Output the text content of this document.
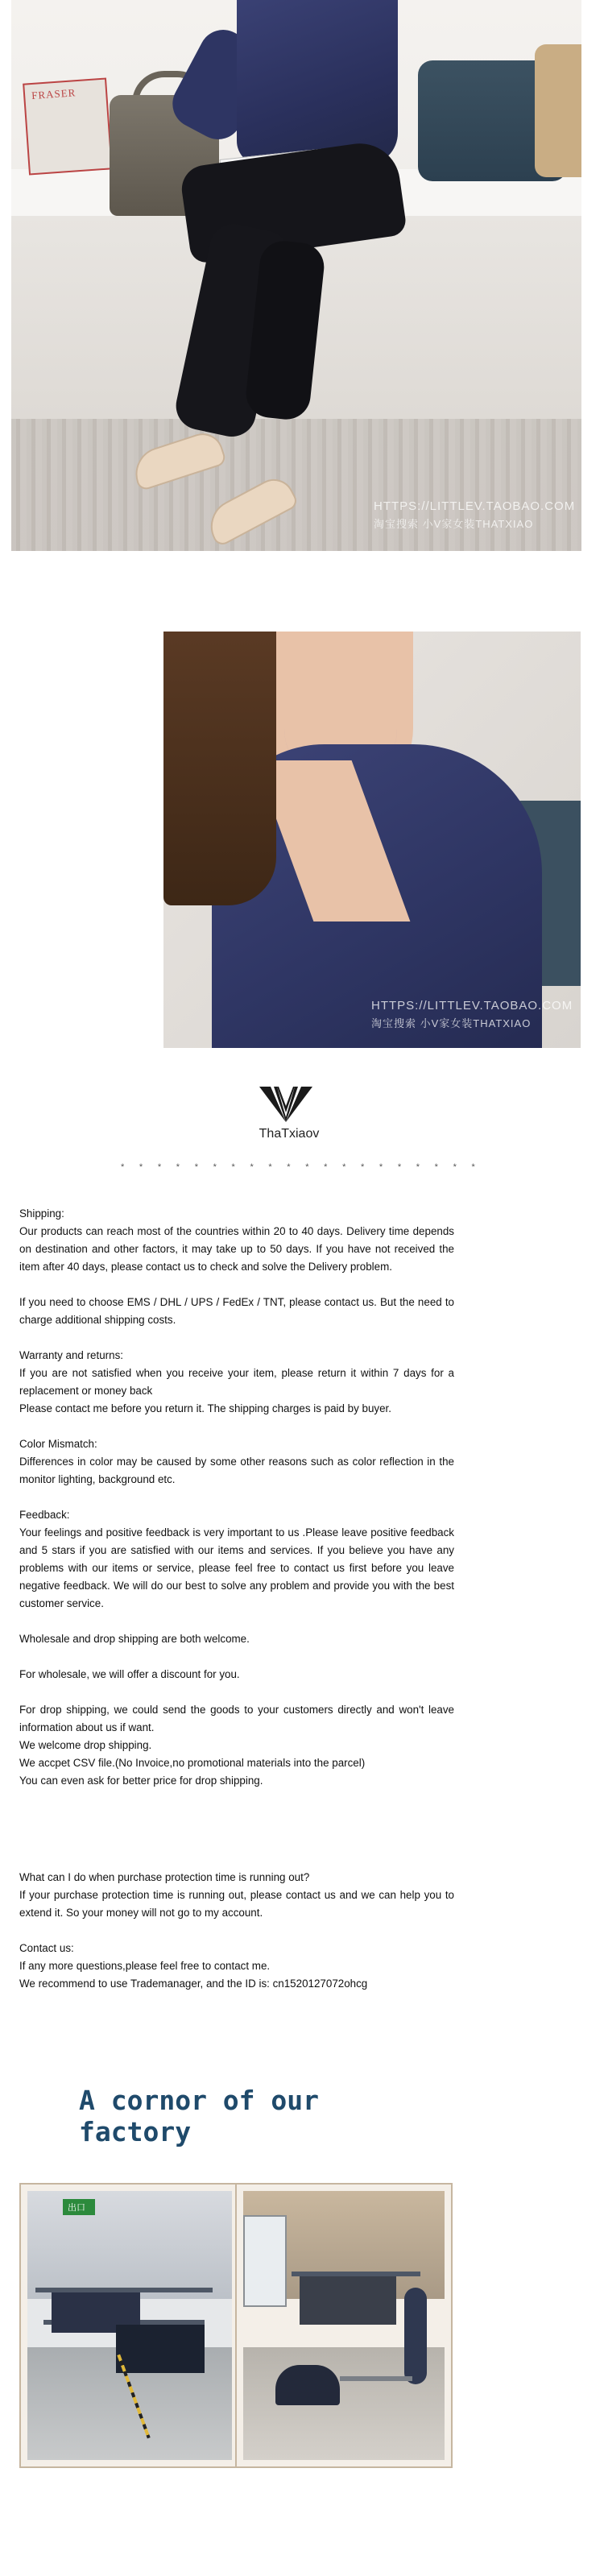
FRASER
HTTPS://LITTLEV.TAOBAO.COM
淘宝搜索 小V家女装THATXIAO
HTTPS://LITTLEV.TAOBAO.COM
淘宝搜索 小V家女装THATXIAO
ThaTxiaov
* * * * * * * * * * * * * * * * * * * *

Shipping:

Our products can reach most of the countries within 20 to 40 days. Delivery time depends on destination and other factors, it may take up to 50 days. If you have not received the item after 40 days, please contact us to check and solve the Delivery problem.

If you need to choose EMS / DHL / UPS / FedEx / TNT, please contact us. But the need to charge additional shipping costs.

Warranty and returns:

If you are not satisfied when you receive your item, please return it within 7 days for a replacement or money back

Please contact me before you return it. The shipping charges is paid by buyer.

Color Mismatch:

Differences in color may be caused by some other reasons such as color reflection in the monitor lighting, background etc.

Feedback:

Your feelings and positive feedback is very important to us .Please leave positive feedback and 5 stars if you are satisfied with our items and services. If you believe you have any problems with our items or service, please feel free to contact us first before you leave negative feedback. We will do our best to solve any problem and provide you with the best customer service.

Wholesale and drop shipping are both welcome.

For wholesale, we will offer a discount for you.

For drop shipping, we could send the goods to your customers directly and won't leave information about us if want.

We welcome drop shipping.

We accpet CSV file.(No Invoice,no promotional materials into the parcel)

You can even ask for better price for drop shipping.

What can I do when purchase protection time is running out?

If your purchase protection time is running out, please contact us and we can help you to extend it. So your money will not go to my account.

Contact us:

If any more questions,please feel free to contact me.

We recommend to use Trademanager, and the ID is: cn1520127072ohcg

A cornor of our factory
出口
